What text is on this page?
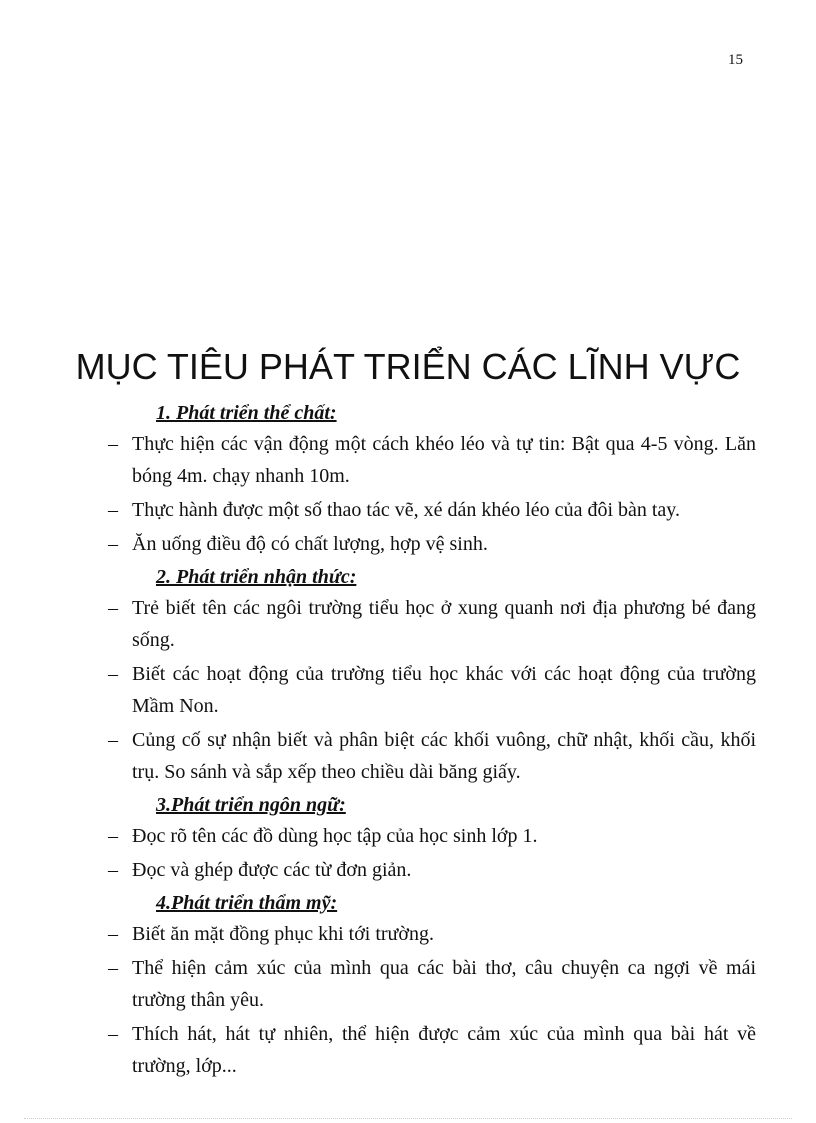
15
MỤC TIÊU PHÁT TRIỂN CÁC LĨNH VỰC

1. Phát triển thể chất:

– Thực hiện các vận động một cách khéo léo và tự tin: Bật qua 4-5 vòng. Lăn bóng 4m. chạy nhanh 10m.
– Thực hành được một số thao tác vẽ, xé dán khéo léo của đôi bàn tay.
– Ăn uống điều độ có chất lượng, hợp vệ sinh.

2. Phát triển nhận thức:

– Trẻ biết tên các ngôi trường tiểu học ở xung quanh nơi địa phương bé đang sống.
– Biết các hoạt động của trường tiểu học khác với các hoạt động của trường Mầm Non.
– Củng cố sự nhận biết và phân biệt các khối vuông, chữ nhật, khối cầu, khối trụ. So sánh và sắp xếp theo chiều dài băng giấy.

3.Phát triển ngôn ngữ:

– Đọc rõ tên các đồ dùng học tập của học sinh lớp 1.
– Đọc và ghép được các từ đơn giản.

4.Phát triển thẩm mỹ:

– Biết ăn mặt đồng phục khi tới trường.
– Thể hiện cảm xúc của mình qua các bài thơ, câu chuyện ca ngợi về mái trường thân yêu.
– Thích hát, hát tự nhiên, thể hiện được cảm xúc của mình qua bài hát về trường, lớp...
